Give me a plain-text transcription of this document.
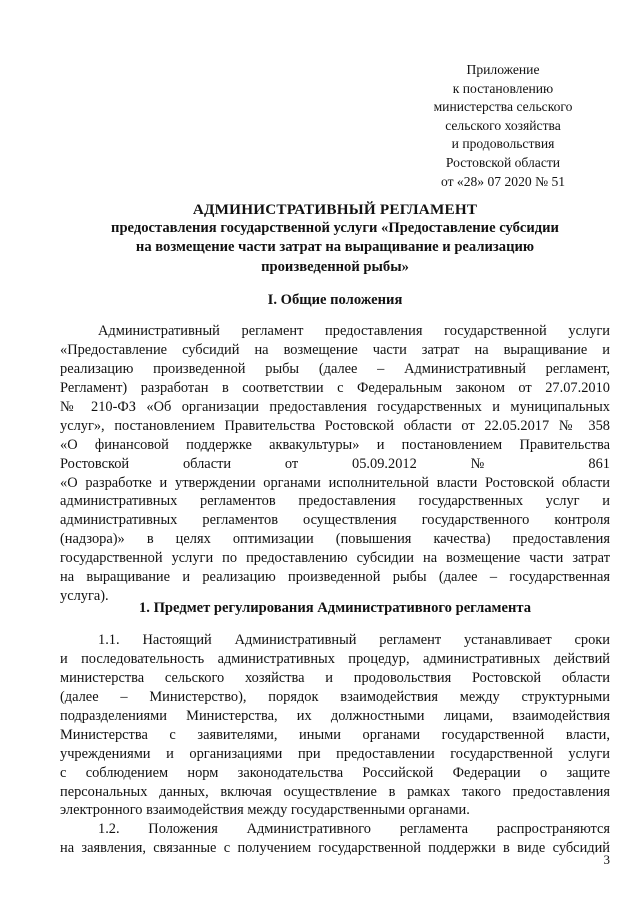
Приложение
к постановлению
министерства сельского
сельского хозяйства
и продовольствия
Ростовской области
от «28» 07 2020 № 51
АДМИНИСТРАТИВНЫЙ РЕГЛАМЕНТ
предоставления государственной услуги «Предоставление субсидии
на возмещение части затрат на выращивание и реализацию
произведенной рыбы»
I. Общие положения
Административный регламент предоставления государственной услуги
«Предоставление субсидий на возмещение части затрат на выращивание и
реализацию произведенной рыбы (далее – Административный регламент,
Регламент) разработан в соответствии с Федеральным законом от 27.07.2010
№ 210-ФЗ «Об организации предоставления государственных и муниципальных
услуг», постановлением Правительства Ростовской области от 22.05.2017 № 358
«О финансовой поддержке аквакультуры» и постановлением Правительства
Ростовской области от 05.09.2012 № 861
«О разработке и утверждении органами исполнительной власти Ростовской области
административных регламентов предоставления государственных услуг и
административных регламентов осуществления государственного контроля
(надзора)» в целях оптимизации (повышения качества) предоставления
государственной услуги по предоставлению субсидии на возмещение части затрат
на выращивание и реализацию произведенной рыбы (далее – государственная
услуга).
1. Предмет регулирования Административного регламента
1.1. Настоящий Административный регламент устанавливает сроки
и последовательность административных процедур, административных действий
министерства сельского хозяйства и продовольствия Ростовской области
(далее – Министерство), порядок взаимодействия между структурными
подразделениями Министерства, их должностными лицами, взаимодействия
Министерства с заявителями, иными органами государственной власти,
учреждениями и организациями при предоставлении государственной услуги
с соблюдением норм законодательства Российской Федерации о защите
персональных данных, включая осуществление в рамках такого предоставления
электронного взаимодействия между государственными органами.
1.2. Положения Административного регламента распространяются
на заявления, связанные с получением государственной поддержки в виде субсидий
3
